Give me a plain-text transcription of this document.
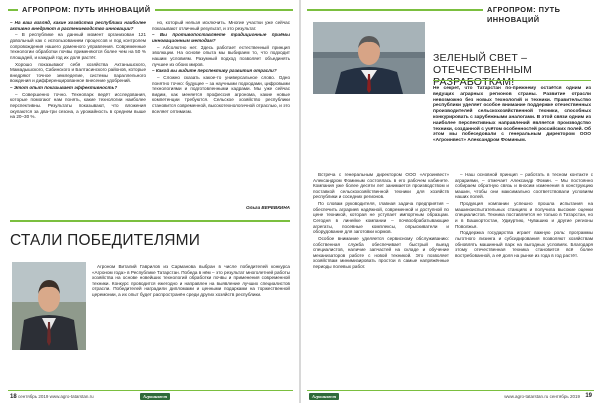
АГРОПРОМ: ПУТЬ ИННОВАЦИЙ

– На ваш взгляд, какие хозяйства республики наиболее активно внедряют в растениеводство инновации?

– В республике на данный момент организован 121 довольный как с использованием процессов и под контролем сопровождения нашего доменного управления. Современные технологии обработки почвы применяются более чем на 50 % площадей, и каждый год их доля растёт.

Хорошо показывают себя хозяйства Актанышского, Мамадышского, Сабинского и Балтасинского районов, которые внедряют точное земледелие, системы параллельного вождения и дифференцированное внесение удобрений.

– Этот опыт показывает эффективность?

– Совершенно точно. Технопарк ведёт исследования, которые помогают нам понять, какие технологии наиболее перспективны. Результаты показывают, что вложения окупаются за два-три сезона, а урожайность в среднем выше на 20–30 %.

но, который нельзя исключить. Многие участки уже сейчас показывают отличный результат, и это результат.

– Вы противопоставляете традиционные приёмы инновационным методам?

– Абсолютно нет. Здесь работает естественный принцип эволюции. На основе опыта мы выбираем то, что подходит нашим условиям. Разумный подход позволяет объединять лучшее из обоих миров.

– Какой вы видите перспективу развития отрасли?

– Сложно сказать какое-то универсальное слово. Одно понятно точно: будущее – за научными подходами, цифровыми технологиями и подготовленными кадрами. Мы уже сейчас видим, как меняется профессия агронома, какие новые компетенции требуются. Сельское хозяйство республики становится современной, высокотехнологичной отраслью, и это вселяет оптимизм.

Ольга ВЕРЕВКИНА

СТАЛИ ПОБЕДИТЕЛЯМИ

Агроном Виталий Гаврилов из Сарманова выбран в числе победителей конкурса «Агроном года» в Республике Татарстан. Победа в нём – это результат многолетней работы хозяйства на основе новейших технологий обработки почвы и применения современной техники. Конкурс проводится ежегодно и направлен на выявление лучших специалистов отрасли. Победителей наградили дипломами и ценными подарками на торжественной церемонии, а их опыт будет распространён среди других хозяйств республики.

18 сентябрь 2019 www.agro-tatarstan.ru	Агроинвест
АГРОПРОМ: ПУТЬ ИННОВАЦИЙ
ЗЕЛЕНЫЙ СВЕТ – ОТЕЧЕСТВЕННЫМ РАЗРАБОТКАМ!
Не секрет, что Татарстан по-прежнему остаётся одним из ведущих аграрных регионов страны. Развитие отрасли невозможно без новых технологий и техники. Правительство республики уделяет особое внимание поддержке отечественных производителей сельскохозяйственной техники, способных конкурировать с зарубежными аналогами. В этой связи одним из наиболее перспективных направлений является производство техники, созданной с учётом особенностей российских полей. Об этом мы побеседовали с генеральным директором ООО «Агроинвест» Александром Фоминым.

Встреча с генеральным директором ООО «Агроинвест» Александром Фоминым состоялась в его рабочем кабинете. Компания уже более десяти лет занимается производством и поставкой сельскохозяйственной техники для хозяйств республики и соседних регионов.

По словам руководителя, главная задача предприятия – обеспечить аграриев надёжной, современной и доступной по цене техникой, которая не уступает импортным образцам. Сегодня в линейке компании – почвообрабатывающие агрегаты, посевные комплексы, опрыскиватели и оборудование для заготовки кормов.

Особое внимание уделяется сервисному обслуживанию: собственная служба обеспечивает быстрый выезд специалистов, наличие запчастей на складе и обучение механизаторов работе с новой техникой. Это позволяет хозяйствам минимизировать простои в самые напряжённые периоды полевых работ.

– Наш основной принцип – работать в тесном контакте с аграриями, – отмечает Александр Фомин. – Мы постоянно собираем обратную связь и вносим изменения в конструкцию машин, чтобы они максимально соответствовали условиям наших полей.

Продукция компании успешно прошла испытания на машиноиспытательных станциях и получила высокие оценки специалистов. Техника поставляется не только в Татарстан, но и в Башкортостан, Удмуртию, Чувашию и другие регионы Поволжья.

Поддержка государства играет важную роль: программы льготного лизинга и субсидирования позволяют хозяйствам обновлять машинный парк на выгодных условиях. Благодаря этому отечественная техника становится всё более востребованной, а её доля на рынке из года в год растёт.

Агроинвест	www.agro-tatarstan.ru сентябрь 2019 19
